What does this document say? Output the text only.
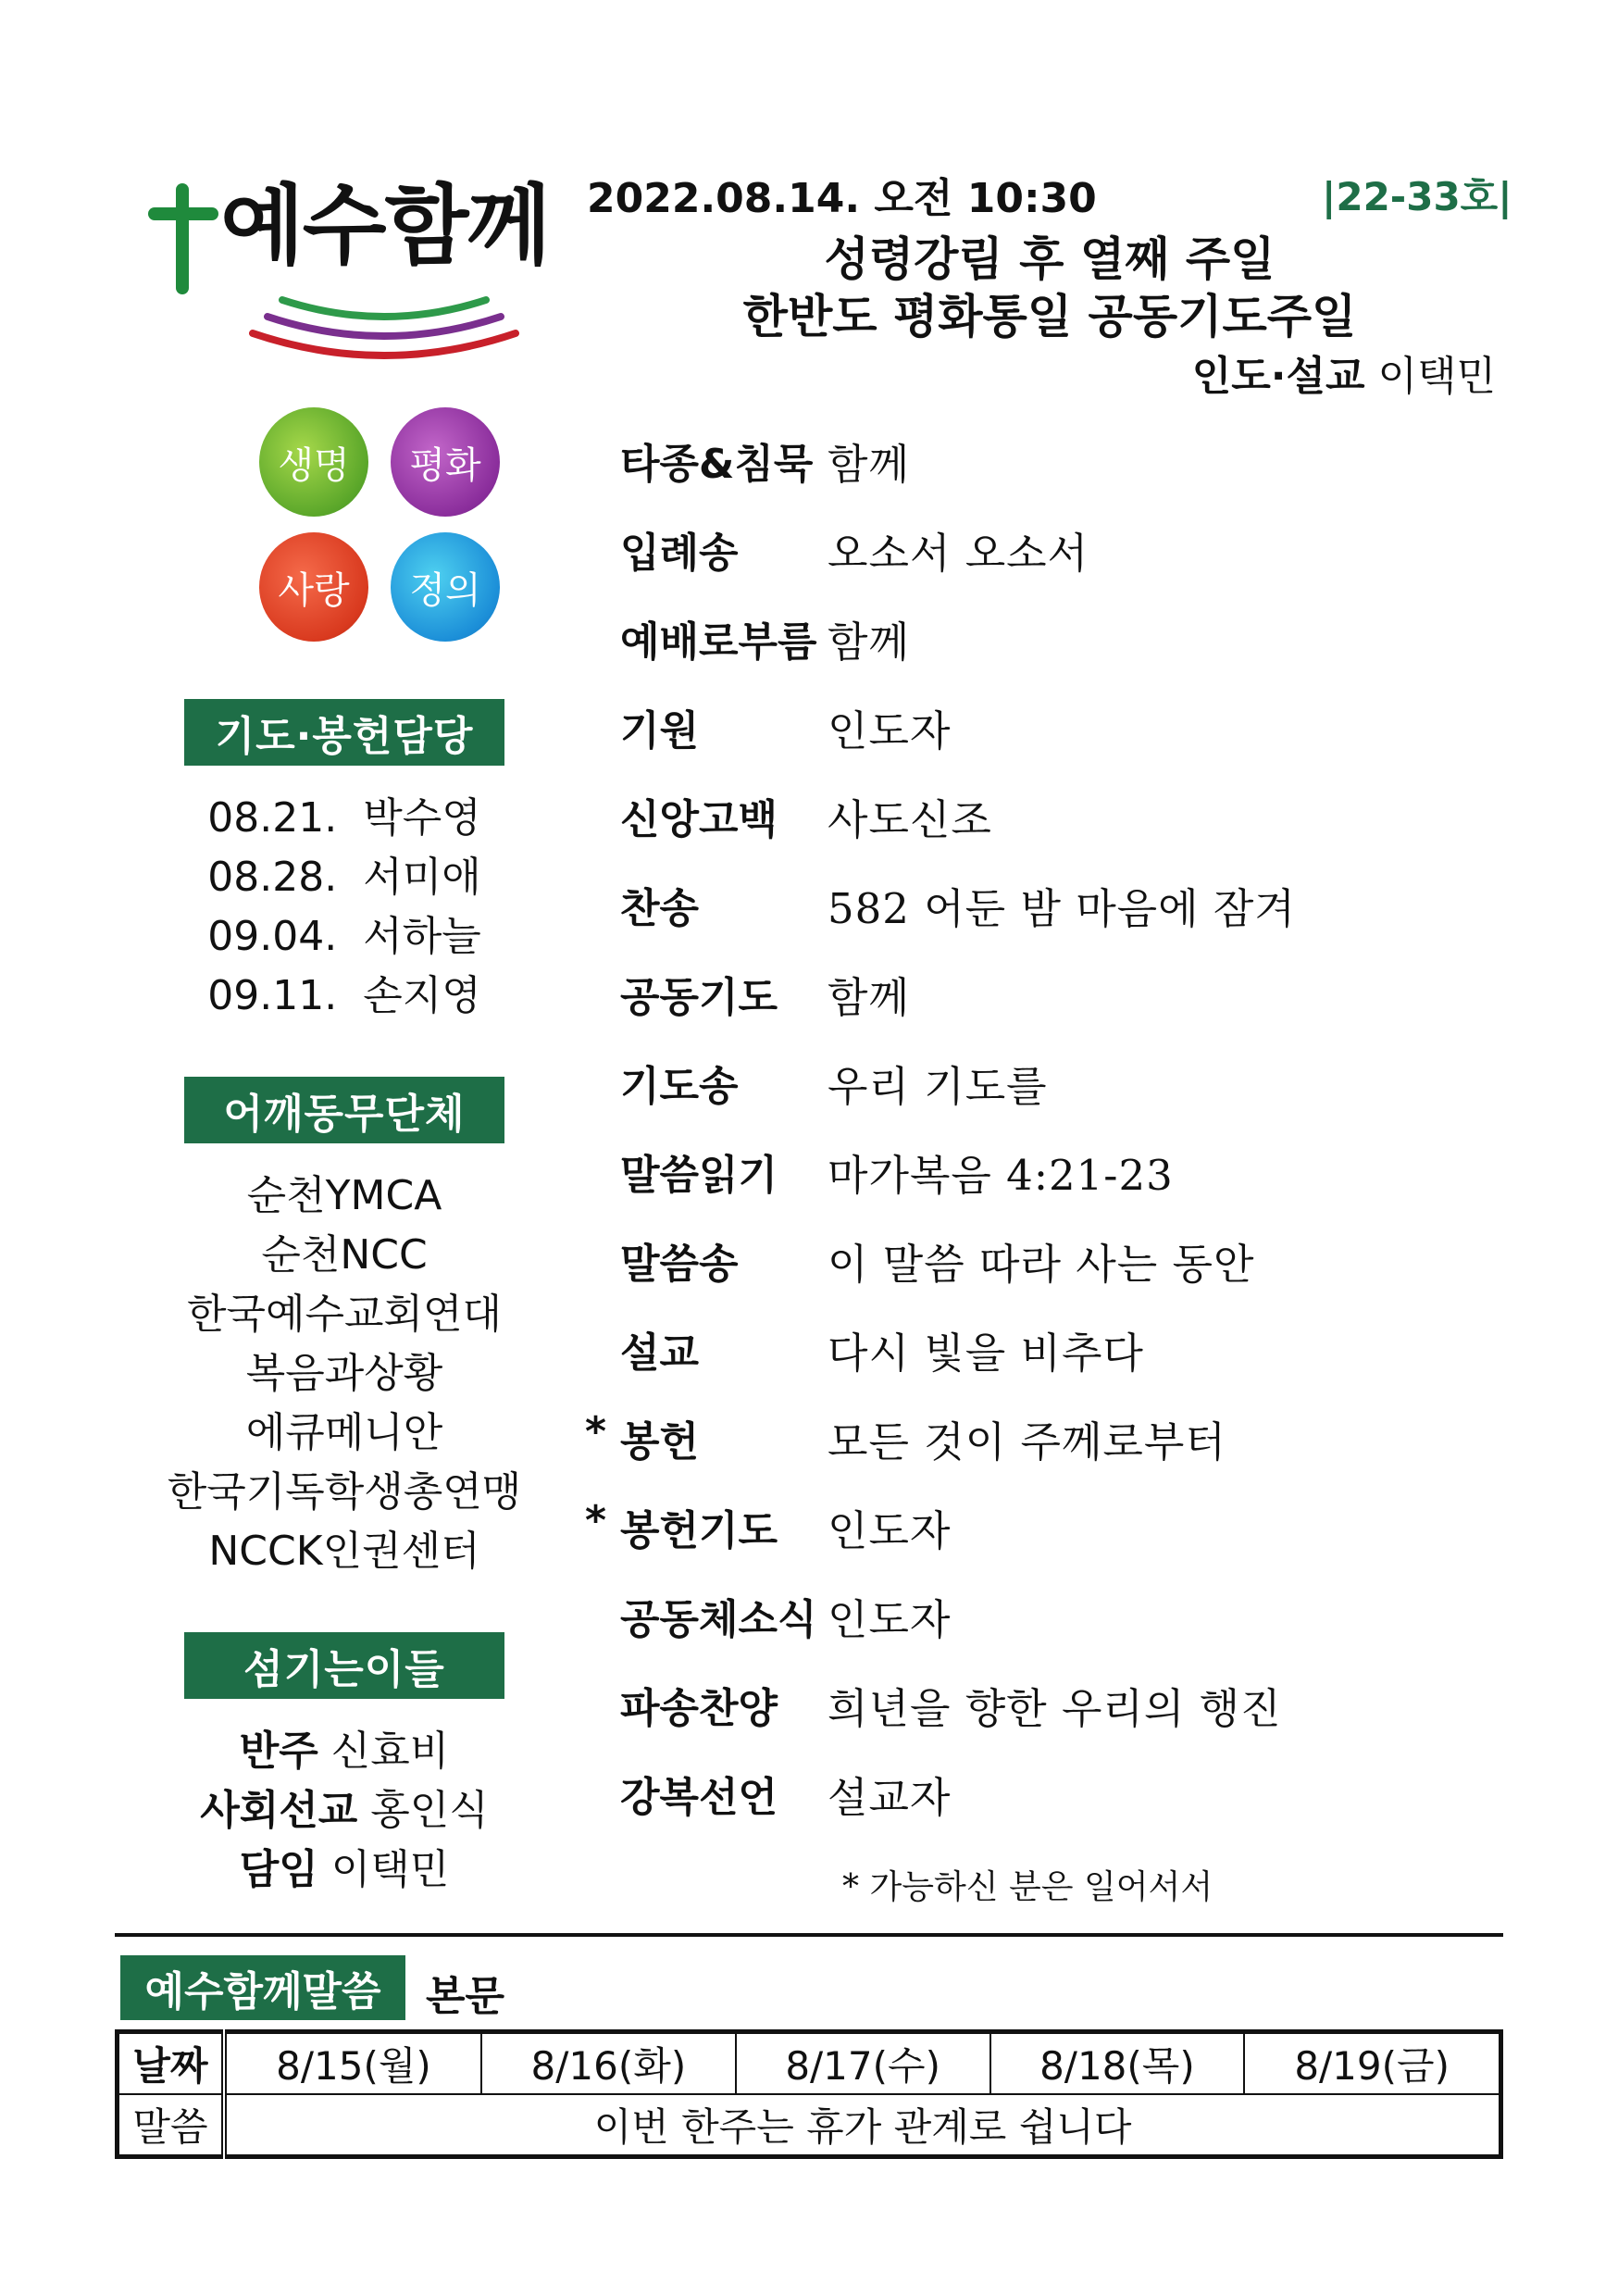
예수함께
생명 평화
사랑 정의
기도·봉헌담당
08.21. 박수영
08.28. 서미애
09.04. 서하늘
09.11. 손지영
어깨동무단체
순천YMCA
순천NCC
한국예수교회연대
복음과상황
에큐메니안
한국기독학생총연맹
NCCK인권센터
섬기는이들
반주 신효비
사회선교 홍인식
담임 이택민
2022.08.14. 오전 10:30	|22-33호|
성령강림 후 열째 주일
한반도 평화통일 공동기도주일
인도·설교 이택민
타종&침묵 함께
입례송 오소서 오소서
예배로부름 함께
기원	인도자
신앙고백 사도신조
찬송	582 어둔 밤 마음에 잠겨
공동기도 함께
기도송 우리 기도를
말씀읽기 마가복음 4:21-23
말씀송 이 말씀 따라 사는 동안
설교	다시 빛을 비추다
* 봉헌	모든 것이 주께로부터
* 봉헌기도 인도자
공동체소식 인도자
파송찬양 희년을 향한 우리의 행진
강복선언 설교자
* 가능하신 분은 일어서서
예수함께말씀	본문
날짜	8/15(월)	8/16(화)	8/17(수)	8/18(목)	8/19(금)
말씀	이번 한주는 휴가 관계로 쉽니다				
